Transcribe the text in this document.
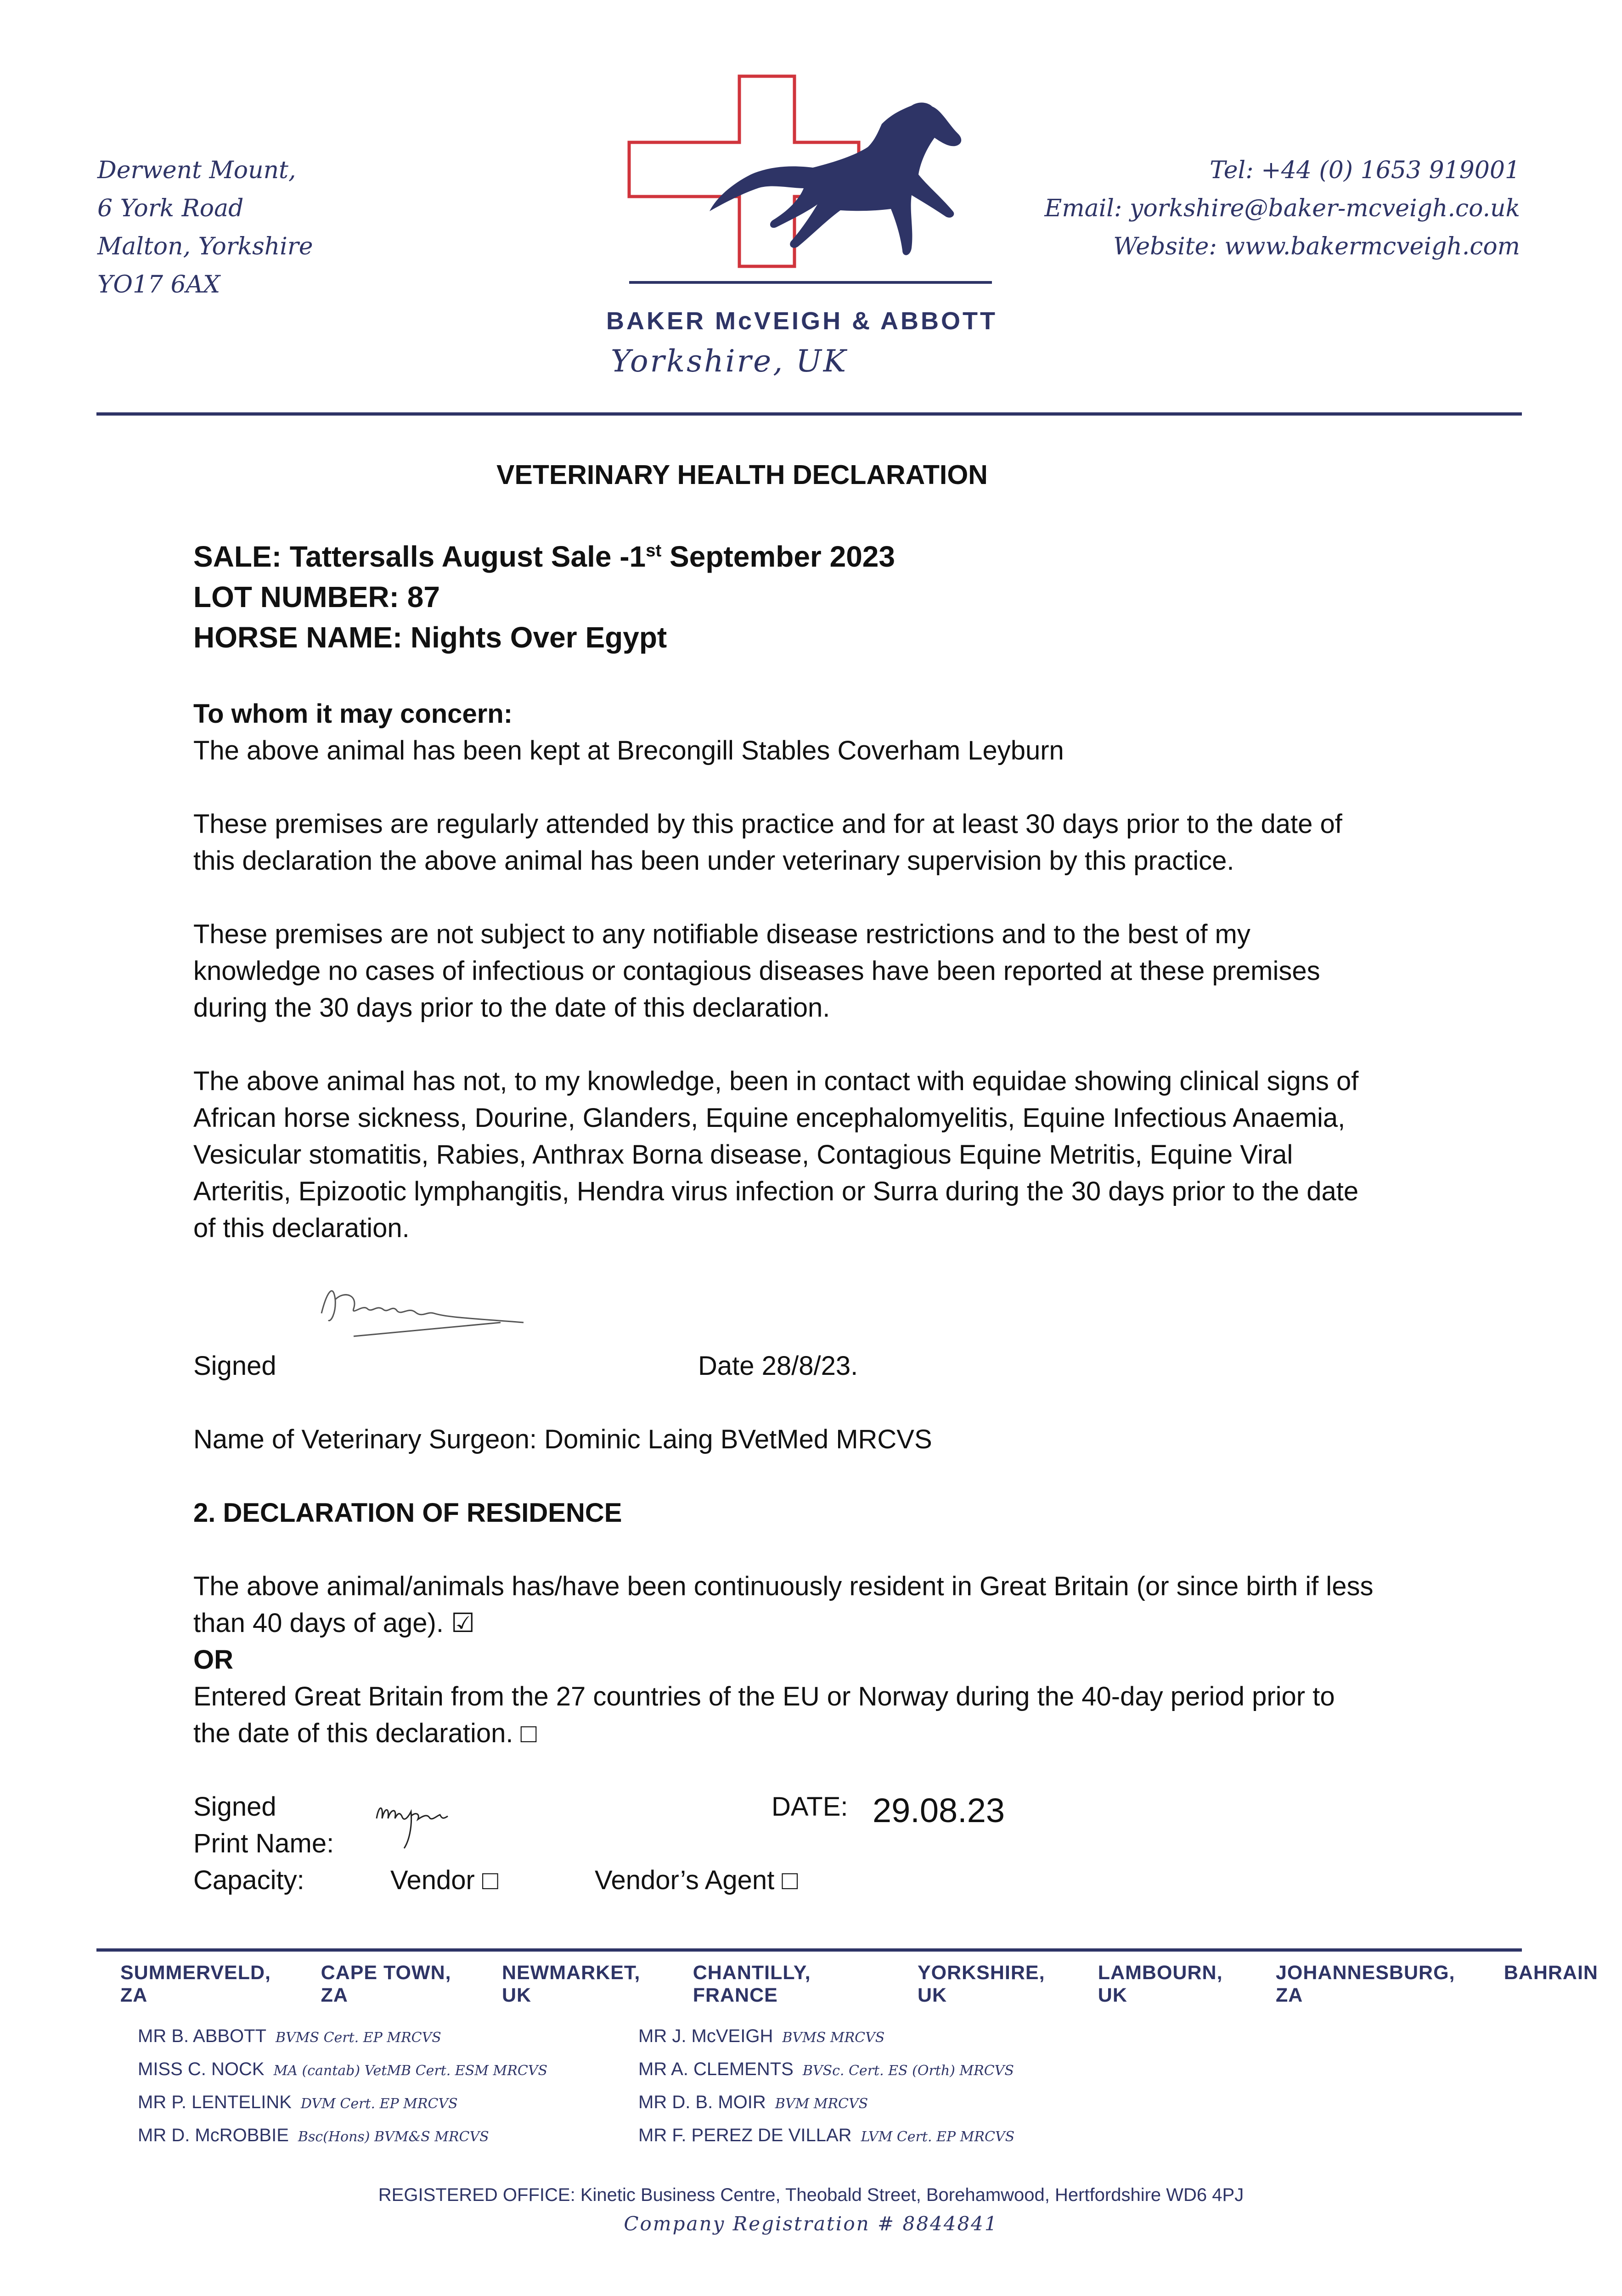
Derwent Mount,
6 York Road
Malton, Yorkshire
YO17 6AX
BAKER McVEIGH & ABBOTT
Yorkshire, UK
Tel: +44 (0) 1653 919001
Email: yorkshire@baker-mcveigh.co.uk
Website: www.bakermcveigh.com
VETERINARY HEALTH DECLARATION
SALE: Tattersalls August Sale -1st September 2023
LOT NUMBER: 87
HORSE NAME: Nights Over Egypt
To whom it may concern:
The above animal has been kept at Brecongill Stables Coverham Leyburn
These premises are regularly attended by this practice and for at least 30 days prior to the date of
this declaration the above animal has been under veterinary supervision by this practice.
These premises are not subject to any notifiable disease restrictions and to the best of my
knowledge no cases of infectious or contagious diseases have been reported at these premises
during the 30 days prior to the date of this declaration.
The above animal has not, to my knowledge, been in contact with equidae showing clinical signs of
African horse sickness, Dourine, Glanders, Equine encephalomyelitis, Equine Infectious Anaemia,
Vesicular stomatitis, Rabies, Anthrax Borna disease, Contagious Equine Metritis, Equine Viral
Arteritis, Epizootic lymphangitis, Hendra virus infection or Surra during the 30 days prior to the date
of this declaration.
Signed	Date 28/8/23.
Name of Veterinary Surgeon: Dominic Laing BVetMed MRCVS
2. DECLARATION OF RESIDENCE
The above animal/animals has/have been continuously resident in Great Britain (or since birth if less
than 40 days of age). ☑
OR
Entered Great Britain from the 27 countries of the EU or Norway during the 40-day period prior to
the date of this declaration. □
Signed
Print Name:
Capacity:	Vendor □	Vendor’s Agent □
DATE: 29.08.23
SUMMERVELD, ZA
CAPE TOWN, ZA
NEWMARKET, UK
CHANTILLY, FRANCE
YORKSHIRE, UK
LAMBOURN, UK
JOHANNESBURG, ZA
BAHRAIN
MR B. ABBOTT BVMS Cert. EP MRCVS
MISS C. NOCK MA (cantab) VetMB Cert. ESM MRCVS
MR P. LENTELINK DVM Cert. EP MRCVS
MR D. McROBBIE Bsc(Hons) BVM&S MRCVS
MR J. McVEIGH BVMS MRCVS
MR A. CLEMENTS BVSc. Cert. ES (Orth) MRCVS
MR D. B. MOIR BVM MRCVS
MR F. PEREZ DE VILLAR LVM Cert. EP MRCVS
REGISTERED OFFICE: Kinetic Business Centre, Theobald Street, Borehamwood, Hertfordshire WD6 4PJ
Company Registration # 8844841
